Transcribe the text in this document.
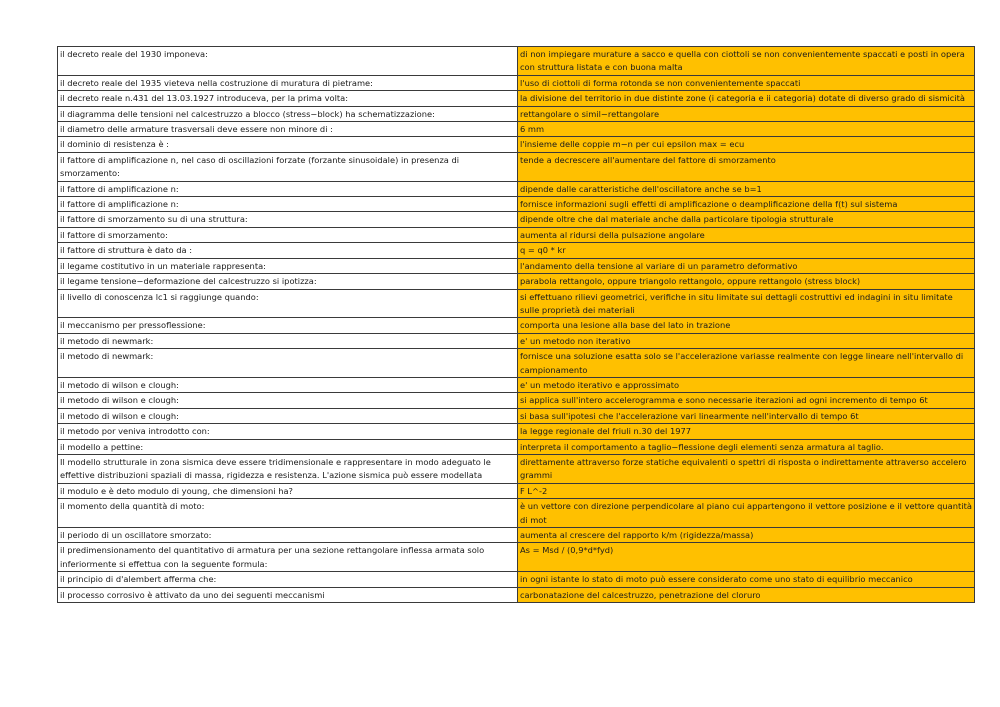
il decreto reale del 1930 imponeva:	di non impiegare murature a sacco e quella con ciottoli se non convenientemente spaccati e posti in opera con struttura listata e con buona malta
il decreto reale del 1935 vieteva nella costruzione di muratura di pietrame:	l'uso di ciottoli di forma rotonda se non convenientemente spaccati
il decreto reale n.431 del 13.03.1927 introduceva, per la prima volta:	la divisione del territorio in due distinte zone (i categoria e ii categoria) dotate di diverso grado di sismicità
il diagramma delle tensioni nel calcestruzzo a blocco (stress−block) ha schematizzazione:	rettangolare o simil−rettangolare
il diametro delle armature trasversali deve essere non minore di :	6 mm
il dominio di resistenza è :	l'insieme delle coppie m−n per cui epsilon max = ecu
il fattore di amplificazione n, nel caso di oscillazioni forzate (forzante sinusoidale) in presenza di smorzamento:	tende a decrescere all'aumentare del fattore di smorzamento
il fattore di amplificazione n:	dipende dalle caratteristiche dell'oscillatore anche se b=1
il fattore di amplificazione n:	fornisce informazioni sugli effetti di amplificazione o deamplificazione della f(t) sul sistema
il fattore di smorzamento su di una struttura:	dipende oltre che dal materiale anche dalla particolare tipologia strutturale
il fattore di smorzamento:	aumenta al ridursi della pulsazione angolare
il fattore di struttura è dato da :	q = q0 * kr
il legame costitutivo in un materiale rappresenta:	l'andamento della tensione al variare di un parametro deformativo
il legame tensione−deformazione del calcestruzzo si ipotizza:	parabola rettangolo, oppure triangolo rettangolo, oppure rettangolo (stress block)
il livello di conoscenza lc1 si raggiunge quando:	si effettuano rilievi geometrici, verifiche in situ limitate sui dettagli costruttivi ed indagini in situ limitate sulle proprietà dei materiali
il meccanismo per pressoflessione:	comporta una lesione alla base del lato in trazione
il metodo di newmark:	e' un metodo non iterativo
il metodo di newmark:	fornisce una soluzione esatta solo se l'accelerazione variasse realmente con legge lineare nell'intervallo di campionamento
il metodo di wilson e clough:	e' un metodo iterativo e approssimato
il metodo di wilson e clough:	si applica sull'intero accelerogramma e sono necessarie iterazioni ad ogni incremento di tempo 6t
il metodo di wilson e clough:	si basa sull'ipotesi che l'accelerazione vari linearmente nell'intervallo di tempo 6t
il metodo por veniva introdotto con:	la legge regionale del friuli n.30 del 1977
il modello a pettine:	interpreta il comportamento a taglio−flessione degli elementi senza armatura al taglio.
Il modello strutturale in zona sismica deve essere tridimensionale e rappresentare in modo adeguato le effettive distribuzioni spaziali di massa, rigidezza e resistenza. L'azione sismica può essere modellata	direttamente attraverso forze statiche equivalenti o spettri di risposta o indirettamente attraverso accelero grammi
il modulo e è deto modulo di young, che dimensioni ha?	F L^-2
il momento della quantità di moto:	è un vettore con direzione perpendicolare al piano cui appartengono il vettore posizione e il vettore quantità di mot
il periodo di un oscillatore smorzato:	aumenta al crescere del rapporto k/m (rigidezza/massa)
il predimensionamento del quantitativo di armatura per una sezione rettangolare inflessa armata solo inferiormente si effettua con la seguente formula:	As = Msd / (0,9*d*fyd)
il principio di d'alembert afferma che:	in ogni istante lo stato di moto può essere considerato come uno stato di equilibrio meccanico
il processo corrosivo è attivato da uno dei seguenti meccanismi	carbonatazione del calcestruzzo, penetrazione del cloruro
